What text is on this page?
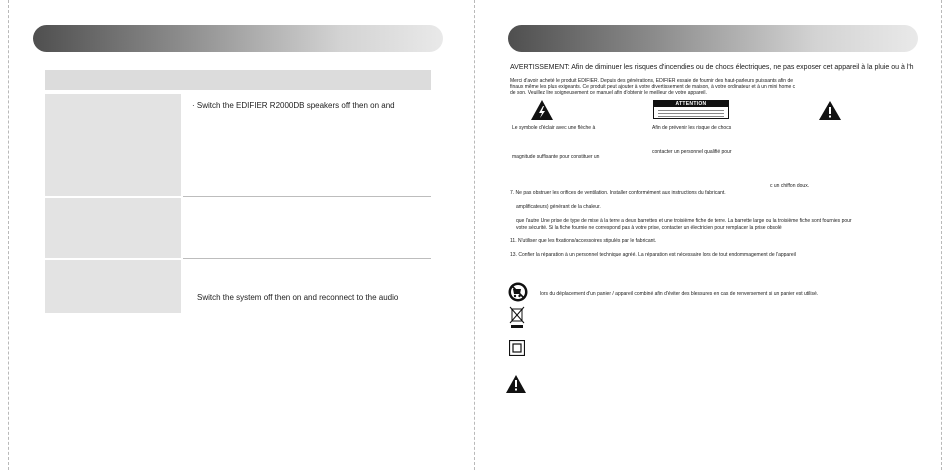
· Switch the EDIFIER R2000DB speakers off then on and
Switch the system off then on and reconnect to the audio
AVERTISSEMENT: Afin de diminuer les risques d'incendies ou de chocs électriques, ne pas exposer cet appareil à la pluie ou à l'h
Merci d'avoir acheté le produit EDIFIER. Depuis des générations, EDIFIER essaie de fournir des haut-parleurs puissants afin de
finaux même les plus exigeants. Ce produit peut ajouter à votre divertissement de maison, à votre ordinateur et à un mini home c
de son. Veuillez lire soigneusement ce manuel afin d'obtenir le meilleur de votre appareil.
ATTENTION
Le symbole d'éclair avec une flèche à	Afin de prévenir les risque de chocs
magnitude suffisante pour constituer un
contacter un personnel qualifié pour
c un chiffon doux.
7. Ne pas obstruer les orifices de ventilation. Installer conformément aux instructions du fabricant.
amplificateurs) générant de la chaleur.
que l'autre Une prise de type de mise à la terre a deux barrettes et une troisième fiche de terre. La barrette large ou la troisième fiche sont fournies pour
votre sécurité. Si la fiche fournie ne correspond pas à votre prise, contacter un électricien pour remplacer la prise obsolè
11. N'utiliser que les fixations/accessoires stipulés par le fabricant.
13. Confier la réparation à un personnel technique agréé. La réparation est nécessaire lors de tout endommagement de l'appareil
lors du déplacement d'un panier / appareil combiné afin d'éviter des blessures en cas de renversement si un panier est utilisé.
